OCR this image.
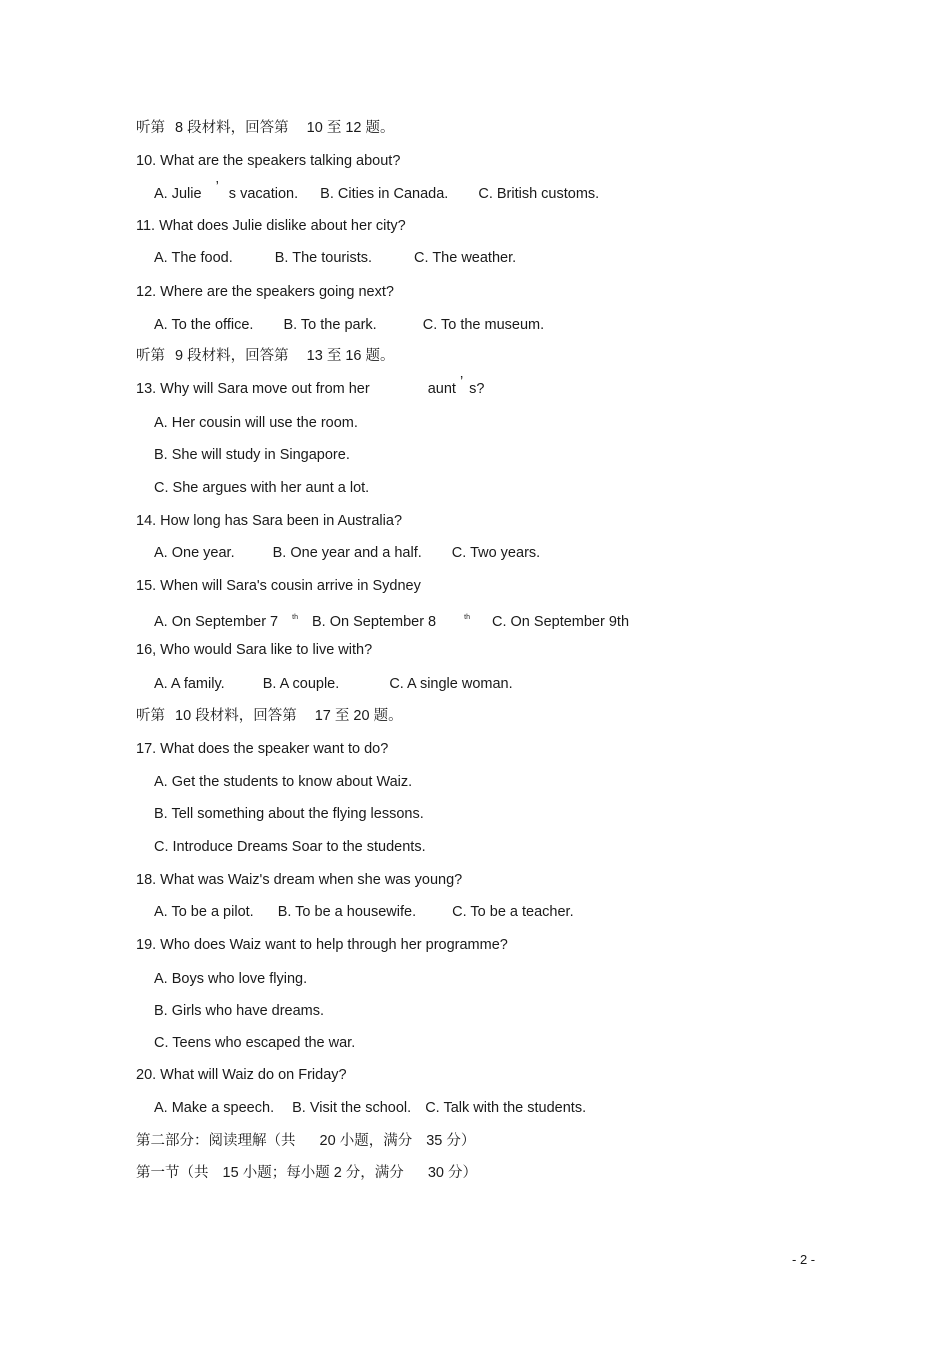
听第 8 段材料，回答第 10 至 12 题。
10. What are the speakers talking about?
A. Julie ’ s vacation. B. Cities in Canada. C. British customs.
11. What does Julie dislike about her city?
A. The food.	B. The tourists.	C. The weather.
12. Where are the speakers going next?
A. To the office. B. To the park.	C. To the museum.
听第 9 段材料，回答第 13 至 16 题。
13. Why will Sara move out from her	aunt ’ s?
A. Her cousin will use the room.
B. She will study in Singapore.
C. She argues with her aunt a lot.
14. How long has Sara been in Australia?
A. One year.	B. One year and a half. C. Two years.
15. When will Sara's cousin arrive in Sydney
A. On September 7 $^{th}$ B. On September 8	$^{th}$ C. On September 9th
16, Who would Sara like to live with?
A. A family.	B. A couple.	C. A single woman.
听第 10 段材料，回答第 17 至 20 题。
17. What does the speaker want to do?
A. Get the students to know about Waiz.
B. Tell something about the flying lessons.
C. Introduce Dreams Soar to the students.
18. What was Waiz's dream when she was young?
A. To be a pilot. B. To be a housewife. C. To be a teacher.
19. Who does Waiz want to help through her programme?
A. Boys who love flying.
B. Girls who have dreams.
C. Teens who escaped the war.
20. What will Waiz do on Friday?
A. Make a speech. B. Visit the school. C. Talk with the students.
第二部分：阅读理解（共 20 小题，满分 35 分）
第一节（共 15 小题；每小题 2 分，满分 30 分）
- 2 -
